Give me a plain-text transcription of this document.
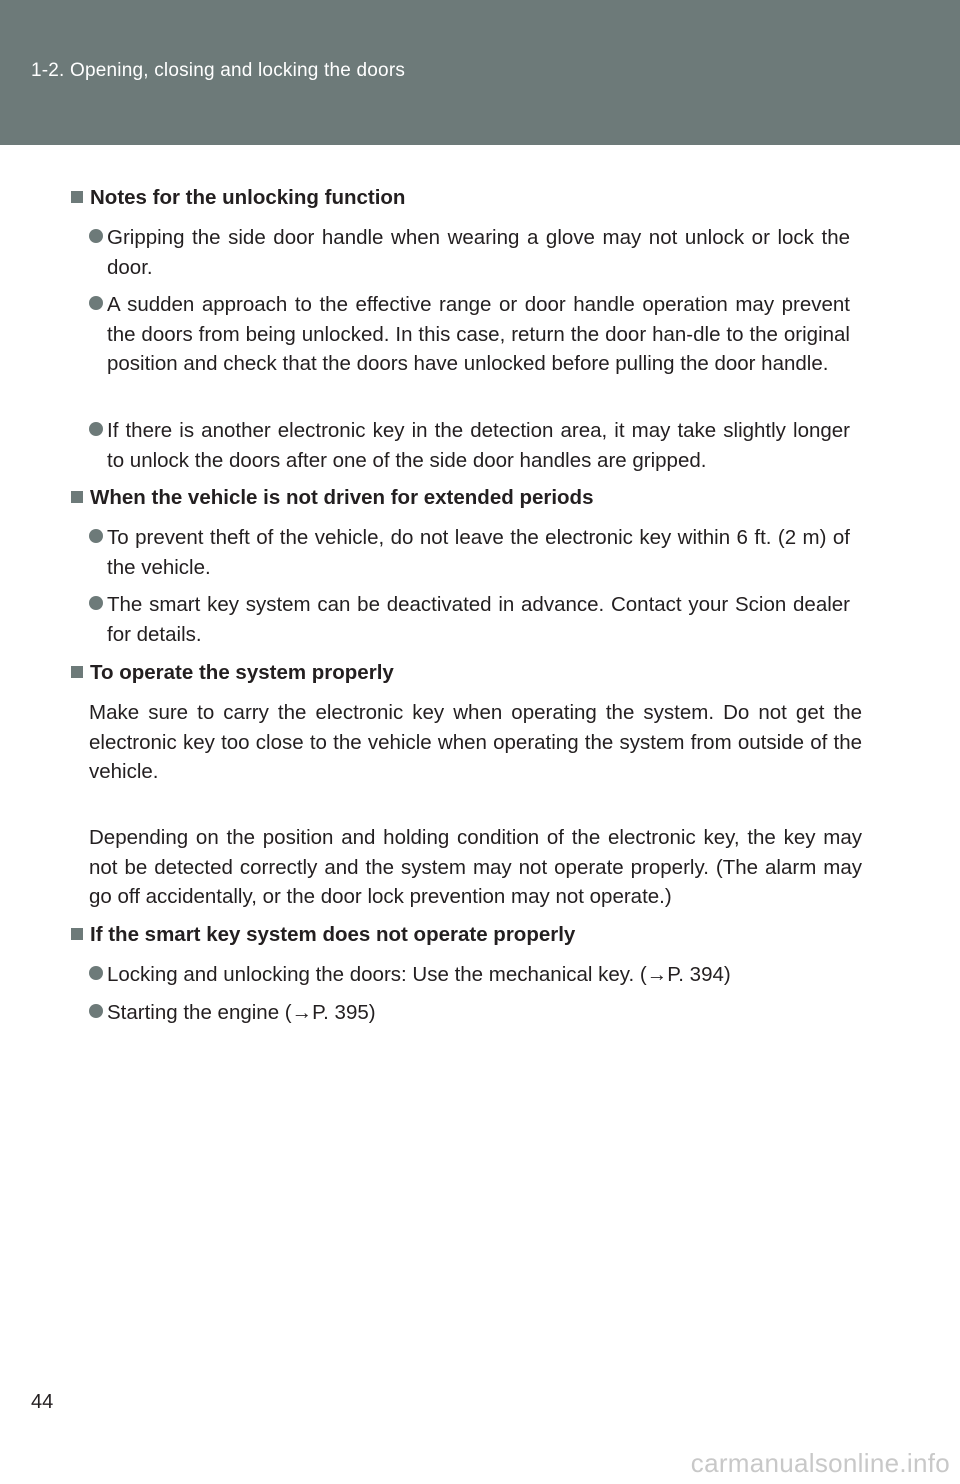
1-2. Opening, closing and locking the doors
Notes for the unlocking function
Gripping the side door handle when wearing a glove may not unlock or lock the door.
A sudden approach to the effective range or door handle operation may prevent the doors from being unlocked. In this case, return the door han-dle to the original position and check that the doors have unlocked before pulling the door handle.
If there is another electronic key in the detection area, it may take slightly longer to unlock the doors after one of the side door handles are gripped.
When the vehicle is not driven for extended periods
To prevent theft of the vehicle, do not leave the electronic key within 6 ft. (2 m) of the vehicle.
The smart key system can be deactivated in advance. Contact your Scion dealer for details.
To operate the system properly
Make sure to carry the electronic key when operating the system. Do not get the electronic key too close to the vehicle when operating the system from outside of the vehicle.
Depending on the position and holding condition of the electronic key, the key may not be detected correctly and the system may not operate properly. (The alarm may go off accidentally, or the door lock prevention may not operate.)
If the smart key system does not operate properly
Locking and unlocking the doors: Use the mechanical key. (→P. 394)
Starting the engine (→P. 395)
44
carmanualsonline.info
